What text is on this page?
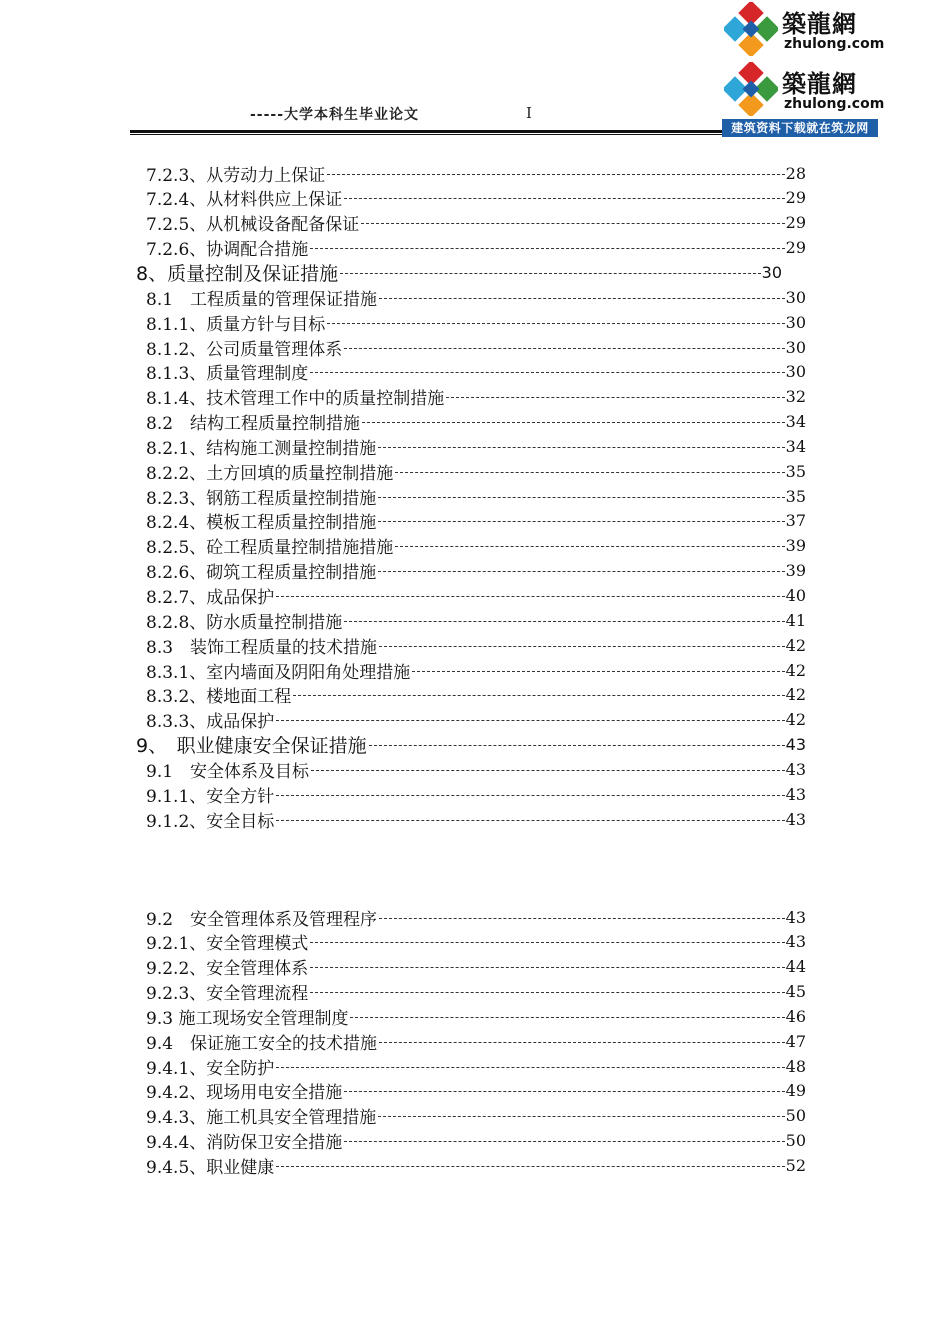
-----大学本科生毕业论文	I
築龍網
zhulong.com
築龍網
zhulong.com
建筑资料下载就在筑龙网
7.2.3、从劳动力上保证	28
7.2.4、从材料供应上保证	29
7.2.5、从机械设备配备保证	29
7.2.6、协调配合措施	29
8、质量控制及保证措施	30
8.1　工程质量的管理保证措施	30
8.1.1、质量方针与目标	30
8.1.2、公司质量管理体系	30
8.1.3、质量管理制度	30
8.1.4、技术管理工作中的质量控制措施	32
8.2　结构工程质量控制措施	34
8.2.1、结构施工测量控制措施	34
8.2.2、土方回填的质量控制措施	35
8.2.3、钢筋工程质量控制措施	35
8.2.4、模板工程质量控制措施	37
8.2.5、砼工程质量控制措施措施	39
8.2.6、砌筑工程质量控制措施	39
8.2.7、成品保护	40
8.2.8、防水质量控制措施	41
8.3　装饰工程质量的技术措施	42
8.3.1、室内墙面及阴阳角处理措施	42
8.3.2、楼地面工程	42
8.3.3、成品保护	42
9、　职业健康安全保证措施	43
9.1　安全体系及目标	43
9.1.1、安全方针	43
9.1.2、安全目标	43
9.2　安全管理体系及管理程序	43
9.2.1、安全管理模式	43
9.2.2、安全管理体系	44
9.2.3、安全管理流程	45
9.3 施工现场安全管理制度	46
9.4　保证施工安全的技术措施	47
9.4.1、安全防护	48
9.4.2、现场用电安全措施	49
9.4.3、施工机具安全管理措施	50
9.4.4、消防保卫安全措施	50
9.4.5、职业健康	52
